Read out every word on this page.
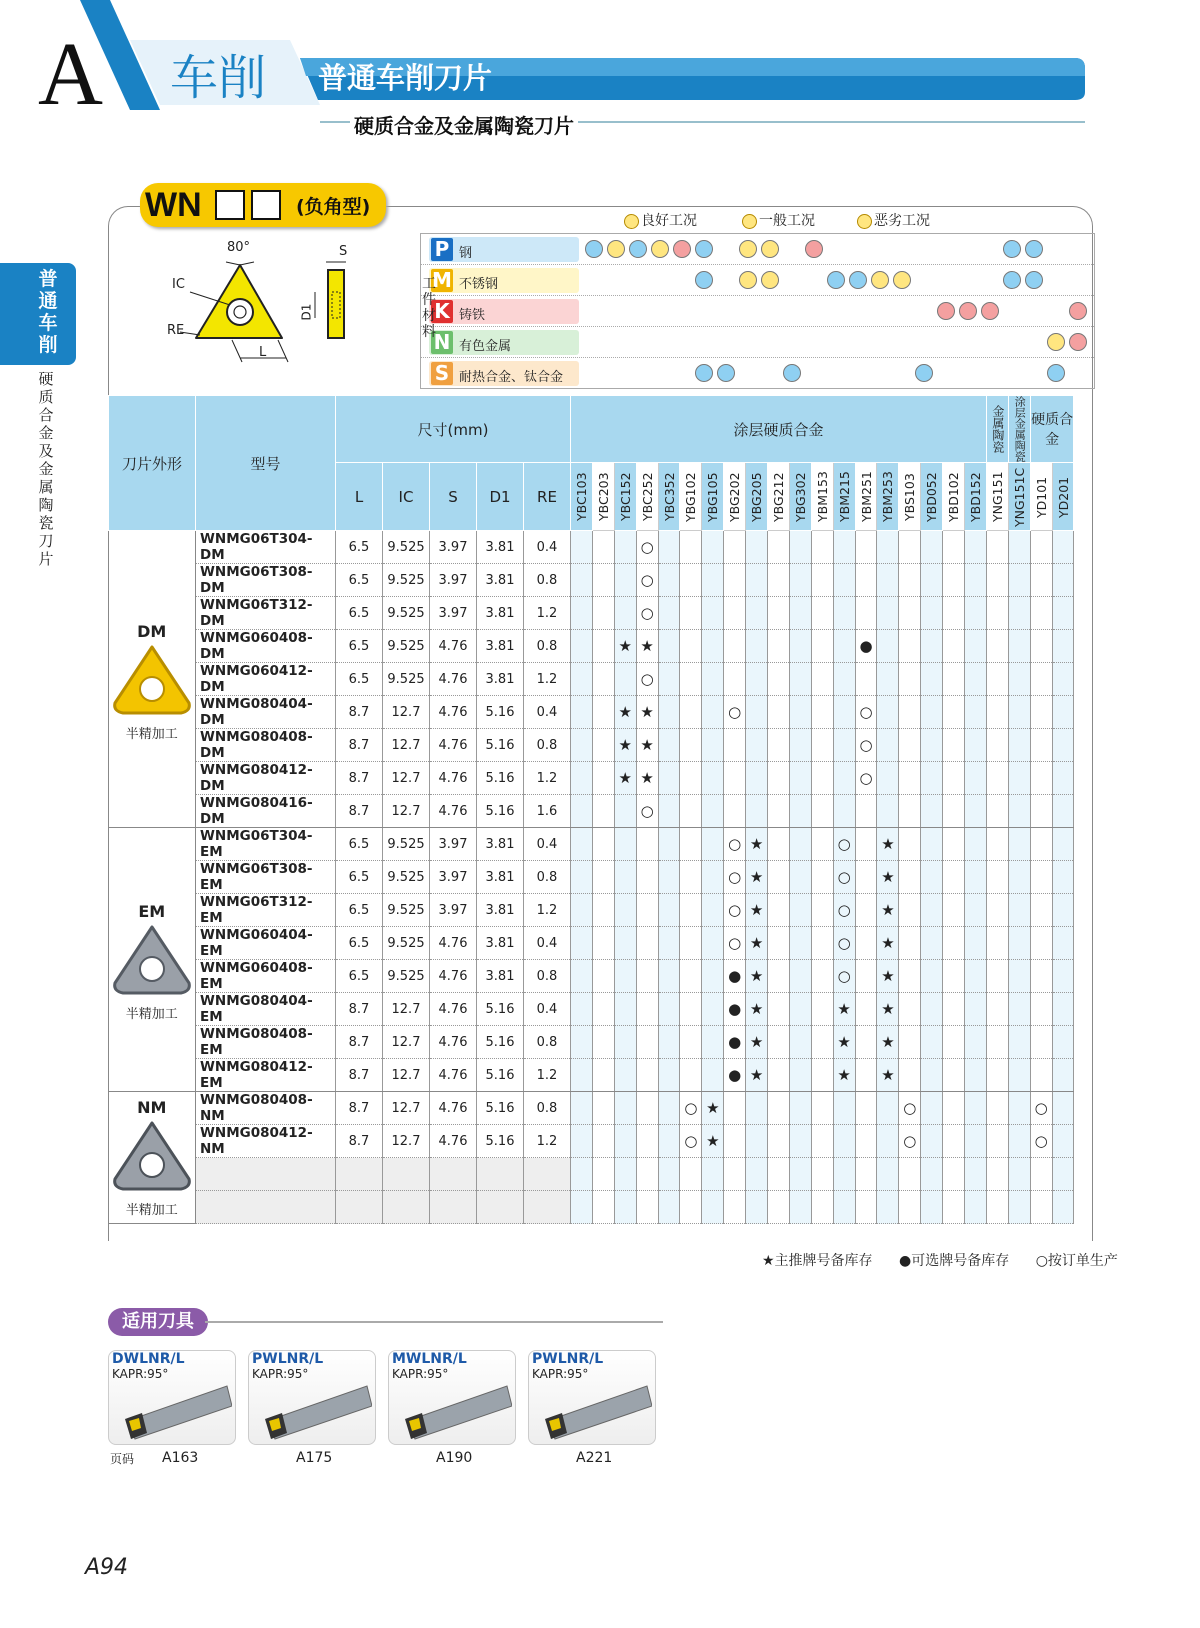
A 车削 普通车削刀片
硬质合金及金属陶瓷刀片
普通车削
硬质合金及金属陶瓷刀片
WN	(负角型)
80°
IC
RE
L
S
D1
良好工况	一般工况	恶劣工况
P 钢
M 不锈钢
K 铸铁
N 有色金属
S 耐热合金、钛合金
工件材料
刀片外形	型号	尺寸(mm)					涂层硬质合金																			金属陶瓷	涂层金属陶瓷	硬质合金	
		L	IC	S	D1	RE	YBC103	YBC203	YBC152	YBC252	YBC352	YBG102	YBG105	YBG202	YBG205	YBG212	YBG302	YBM153	YBM215	YBM251	YBM253	YBS103	YBD052	YBD102	YBD152	YNG151	YNG151C	YD101	YD201

DM
半精加工	WNMG06T304-DM	6.5	9.525	3.97	3.81	0.4				○																			
	WNMG06T308-DM	6.5	9.525	3.97	3.81	0.8				○																			
	WNMG06T312-DM	6.5	9.525	3.97	3.81	1.2				○																			
	WNMG060408-DM	6.5	9.525	4.76	3.81	0.8			★	★										●									
	WNMG060412-DM	6.5	9.525	4.76	3.81	1.2				○																			
	WNMG080404-DM	8.7	12.7	4.76	5.16	0.4			★	★				○						○									
	WNMG080408-DM	8.7	12.7	4.76	5.16	0.8			★	★										○									
	WNMG080412-DM	8.7	12.7	4.76	5.16	1.2			★	★										○									
	WNMG080416-DM	8.7	12.7	4.76	5.16	1.6				○																			

EM
半精加工	WNMG06T304-EM	6.5	9.525	3.97	3.81	0.4								○	★				○		★								
	WNMG06T308-EM	6.5	9.525	3.97	3.81	0.8								○	★				○		★								
	WNMG06T312-EM	6.5	9.525	3.97	3.81	1.2								○	★				○		★								
	WNMG060404-EM	6.5	9.525	4.76	3.81	0.4								○	★				○		★								
	WNMG060408-EM	6.5	9.525	4.76	3.81	0.8								●	★				○		★								
	WNMG080404-EM	8.7	12.7	4.76	5.16	0.4								●	★				★		★								
	WNMG080408-EM	8.7	12.7	4.76	5.16	0.8								●	★				★		★								
	WNMG080412-EM	8.7	12.7	4.76	5.16	1.2								●	★				★		★								

NM
半精加工	WNMG080408-NM	8.7	12.7	4.76	5.16	0.8						○	★									○						○	
	WNMG080412-NM	8.7	12.7	4.76	5.16	1.2						○	★									○						○	

★主推牌号备库存 ●可选牌号备库存 ○按订单生产
适用刀具
DWLNR/L
KAPR:95°
A163
PWLNR/L
KAPR:95°
A175
MWLNR/L
KAPR:95°
A190
PWLNR/L
KAPR:95°
A221
页码
A94
